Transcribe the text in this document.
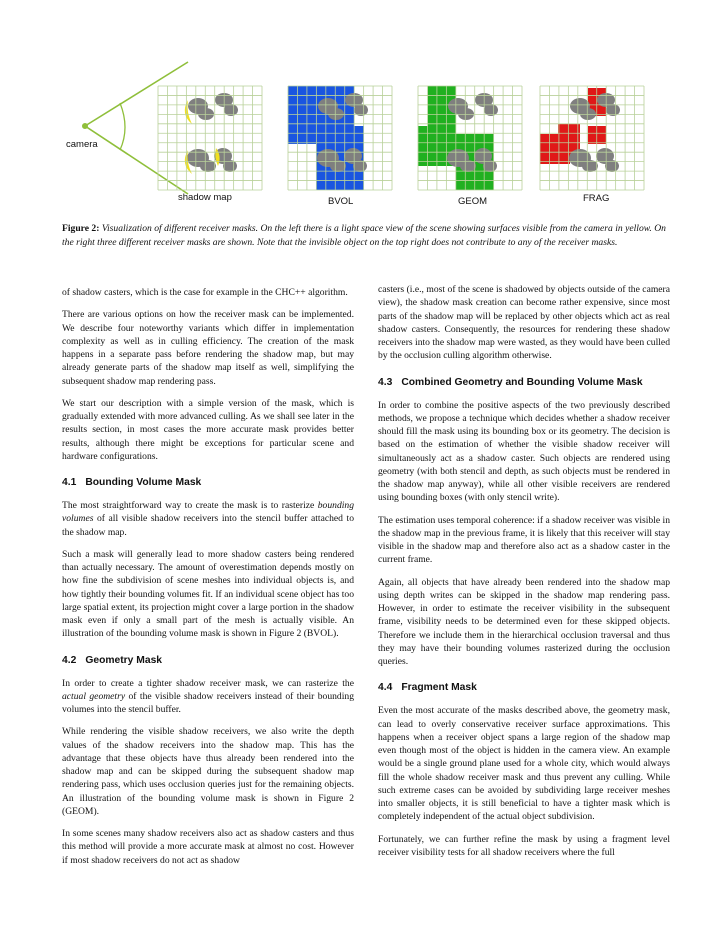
camera
shadow map	BVOL	GEOM	FRAG
Figure 2: Visualization of different receiver masks. On the left there is a light space view of the scene showing surfaces visible from the camera in yellow. On the right three different receiver masks are shown. Note that the invisible object on the top right does not contribute to any of the receiver masks.

of shadow casters, which is the case for example in the CHC++ algorithm.

There are various options on how the receiver mask can be implemented. We describe four noteworthy variants which differ in implementation complexity as well as in culling efficiency. The creation of the mask happens in a separate pass before rendering the shadow map, but may already generate parts of the shadow map itself as well, simplifying the subsequent shadow map rendering pass.

We start our description with a simple version of the mask, which is gradually extended with more advanced culling. As we shall see later in the results section, in most cases the more accurate mask provides better results, although there might be exceptions for particular scene and hardware configurations.

4.1 Bounding Volume Mask

The most straightforward way to create the mask is to rasterize bounding volumes of all visible shadow receivers into the stencil buffer attached to the shadow map.

Such a mask will generally lead to more shadow casters being rendered than actually necessary. The amount of overestimation depends mostly on how fine the subdivision of scene meshes into individual objects is, and how tightly their bounding volumes fit. If an individual scene object has too large spatial extent, its projection might cover a large portion in the shadow mask even if only a small part of the mesh is actually visible. An illustration of the bounding volume mask is shown in Figure 2 (BVOL).

4.2 Geometry Mask

In order to create a tighter shadow receiver mask, we can rasterize the actual geometry of the visible shadow receivers instead of their bounding volumes into the stencil buffer.

While rendering the visible shadow receivers, we also write the depth values of the shadow receivers into the shadow map. This has the advantage that these objects have thus already been rendered into the shadow map and can be skipped during the subsequent shadow map rendering pass, which uses occlusion queries just for the remaining objects. An illustration of the bounding volume mask is shown in Figure 2 (GEOM).

In some scenes many shadow receivers also act as shadow casters and thus this method will provide a more accurate mask at almost no cost. However if most shadow receivers do not act as shadow

casters (i.e., most of the scene is shadowed by objects outside of the camera view), the shadow mask creation can become rather expensive, since most parts of the shadow map will be replaced by other objects which act as real shadow casters. Consequently, the resources for rendering these shadow receivers into the shadow map were wasted, as they would have been culled by the occlusion culling algorithm otherwise.

4.3 Combined Geometry and Bounding Volume Mask

In order to combine the positive aspects of the two previously described methods, we propose a technique which decides whether a shadow receiver should fill the mask using its bounding box or its geometry. The decision is based on the estimation of whether the visible shadow receiver will simultaneously act as a shadow caster. Such objects are rendered using geometry (with both stencil and depth, as such objects must be rendered in the shadow map anyway), while all other visible receivers are rendered using bounding boxes (with only stencil write).

The estimation uses temporal coherence: if a shadow receiver was visible in the shadow map in the previous frame, it is likely that this receiver will stay visible in the shadow map and therefore also act as a shadow caster in the current frame.

Again, all objects that have already been rendered into the shadow map using depth writes can be skipped in the shadow map rendering pass. However, in order to estimate the receiver visibility in the subsequent frame, visibility needs to be determined even for these skipped objects. Therefore we include them in the hierarchical occlusion traversal and thus they may have their bounding volumes rasterized during the occlusion queries.

4.4 Fragment Mask

Even the most accurate of the masks described above, the geometry mask, can lead to overly conservative receiver surface approximations. This happens when a receiver object spans a large region of the shadow map even though most of the object is hidden in the camera view. An example would be a single ground plane used for a whole city, which would always fill the whole shadow receiver mask and thus prevent any culling. While such extreme cases can be avoided by subdividing large receiver meshes into smaller objects, it is still beneficial to have a tighter mask which is completely independent of the actual object subdivision.

Fortunately, we can further refine the mask by using a fragment level receiver visibility tests for all shadow receivers where the full
